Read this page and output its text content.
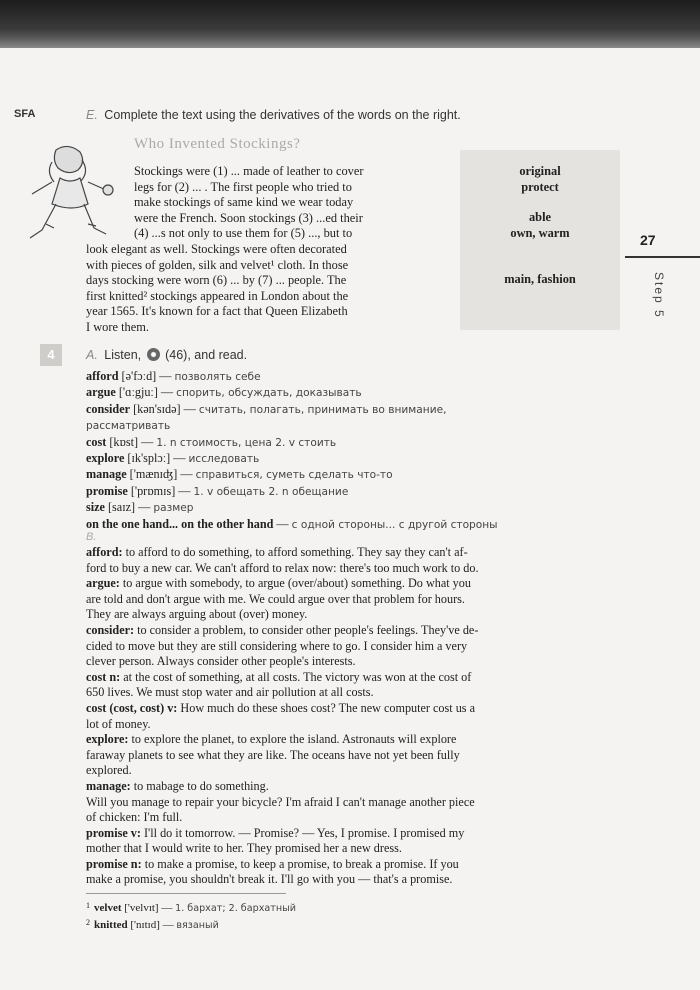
SFA	E. Complete the text using the derivatives of the words on the right.
Who Invented Stockings?
Stockings were (1) ... made of leather to cover
legs for (2) ... . The first people who tried to
make stockings of same kind we wear today
were the French. Soon stockings (3) ...ed their
(4) ...s not only to use them for (5) ..., but to
look elegant as well. Stockings were often decorated
with pieces of golden, silk and velvet¹ cloth. In those
days stocking were worn (6) ... by (7) ... people. The
first knitted² stockings appeared in London about the
year 1565. It's known for a fact that Queen Elizabeth
I wore them.
original
protect
able
own, warm
main, fashion
27
Step 5
4	A. Listen, (46), and read.
afford [ə'fɔːd] — позволять себе
argue ['ɑːgjuː] — спорить, обсуждать, доказывать
consider [kən'sɪdə] — считать, полагать, принимать во внимание,
рассматривать
cost [kɒst] — 1. n стоимость, цена 2. v стоить
explore [ɪk'splɔː] — исследовать
manage ['mænɪʤ] — справиться, суметь сделать что-то
promise ['prɒmɪs] — 1. v обещать 2. n обещание
size [saɪz] — размер
on the one hand... on the other hand — с одной стороны... с другой стороны
B.
afford: to afford to do something, to afford something. They say they can't af-
ford to buy a new car. We can't afford to relax now: there's too much work to do.
argue: to argue with somebody, to argue (over/about) something. Do what you
are told and don't argue with me. We could argue over that problem for hours.
They are always arguing about (over) money.
consider: to consider a problem, to consider other people's feelings. They've de-
cided to move but they are still considering where to go. I consider him a very
clever person. Always consider other people's interests.
cost n: at the cost of something, at all costs. The victory was won at the cost of
650 lives. We must stop water and air pollution at all costs.
cost (cost, cost) v: How much do these shoes cost? The new computer cost us a
lot of money.
explore: to explore the planet, to explore the island. Astronauts will explore
faraway planets to see what they are like. The oceans have not yet been fully
explored.
manage: to mabage to do something.
Will you manage to repair your bicycle? I'm afraid I can't manage another piece
of chicken: I'm full.
promise v: I'll do it tomorrow. — Promise? — Yes, I promise. I promised my
mother that I would write to her. They promised her a new dress.
promise n: to make a promise, to keep a promise, to break a promise. If you
make a promise, you shouldn't break it. I'll go with you — that's a promise.
$^1$ velvet ['velvɪt] — 1. бархат; 2. бархатный
$^2$ knitted ['nɪtɪd] — вязаный
